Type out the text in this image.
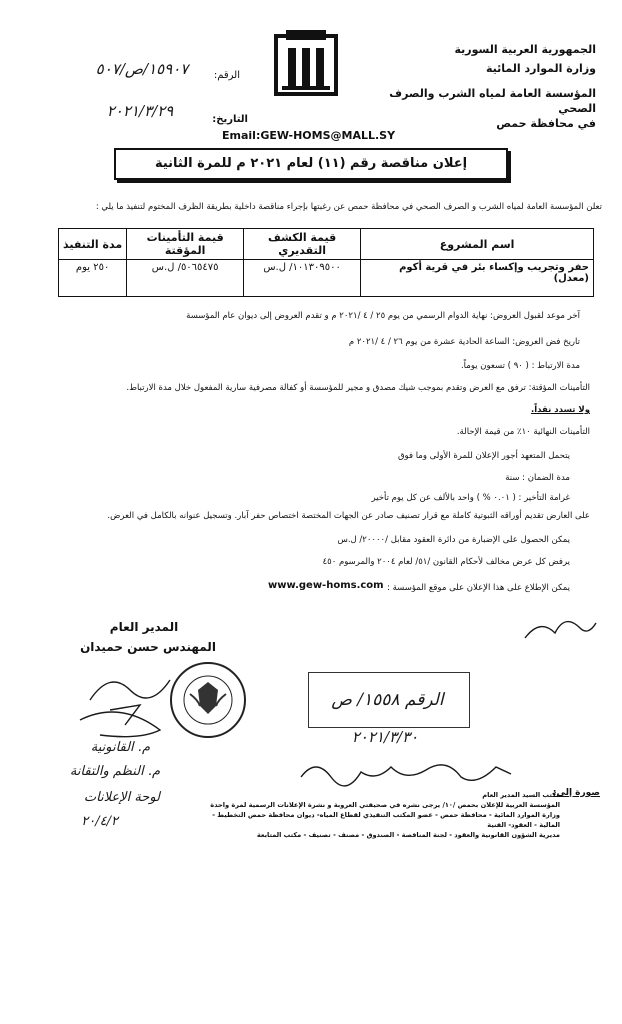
الجمهورية العربية السورية
وزارة الموارد المائية
المؤسسة العامة لمياه الشرب والصرف الصحي
في محافظة حمص
الرقم:
١٥٩٠٧/ص/٥٠٧
التاريخ:
٢٠٢١/٣/٢٩
Email:GEW-HOMS@MALL.SY
إعلان مناقصة رقم (١١) لعام ٢٠٢١ م للمرة الثانية
تعلن المؤسسة العامة لمياه الشرب و الصرف الصحي في محافظة حمص عن رغبتها بإجراء مناقصة داخلية بطريقة الظرف المختوم لتنفيذ ما يلي :
اسم المشروع	قيمة الكشف التقديري	قيمة التأمينات المؤقتة	مدة التنفيذ
حفر وتجريب وإكساء بئر في قرية أكوم (معدل)	١٠١٣٠٩٥٠٠/ ل.س	٥٠٦٥٤٧٥/ ل.س	٢٥٠ يوم
آخر موعد لقبول العروض: نهاية الدوام الرسمي من يوم ٢٥ / ٤ /٢٠٢١ م و تقدم العروض إلى ديوان عام المؤسسة
تاريخ فض العروض: الساعة الحادية عشرة من يوم ٢٦ / ٤ /٢٠٢١ م
مدة الارتباط : ( ٩٠ ) تسعون يوماً.
التأمينات المؤقتة: ترفق مع العرض وتقدم بموجب شيك مصدق و مجير للمؤسسة أو كفالة مصرفية سارية المفعول خلال مدة الارتباط.
ولا تسدد نقداً.
التأمينات النهائية ١٠٪ من قيمة الإحالة.
يتحمل المتعهد أجور الإعلان للمرة الأولى وما فوق
مدة الضمان : سنة
غرامة التأخير : ( ٠.٠١ % ) واحد بالألف عن كل يوم تأخير
على العارض تقديم أوراقه الثبوتية كاملة مع قرار تصنيف صادر عن الجهات المختصة اختصاص حفر آبار. وتسجيل عنوانه بالكامل في العرض.
يمكن الحصول على الإضبارة من دائرة العقود مقابل /٢٠٠٠٠/ ل.س
يرفض كل عرض مخالف لأحكام القانون /٥١/ لعام ٢٠٠٤ والمرسوم ٤٥٠
يمكن الإطلاع على هذا الإعلان على موقع المؤسسة :
www.gew-homs.com
المدير العام
المهندس حسن حميدان
الرقم ١٥٥٨/ ص
٢٠٢١/٣/٣٠
م. القانونية
م. النظم والتقانة
لوحة الإعلانات
٢٠/٤/٢
صورة إلى:
مكتب السيد المدير العام
المؤسسة العربية للإعلان بحمص /١٠/ يرجى نشره في صحيفتي العروبة و نشرة الإعلانات الرسمية لمرة واحدة
وزارة الموارد المائية - محافظة حمص - عضو المكتب التنفيذي لقطاع المياه- ديوان محافظة حمص التخطيط - المالية - العقود- الفنية
مديرية الشؤون القانونية والعقود - لجنة المناقصة - الصندوق - مصنف - تصنيف - مكتب المتابعة
